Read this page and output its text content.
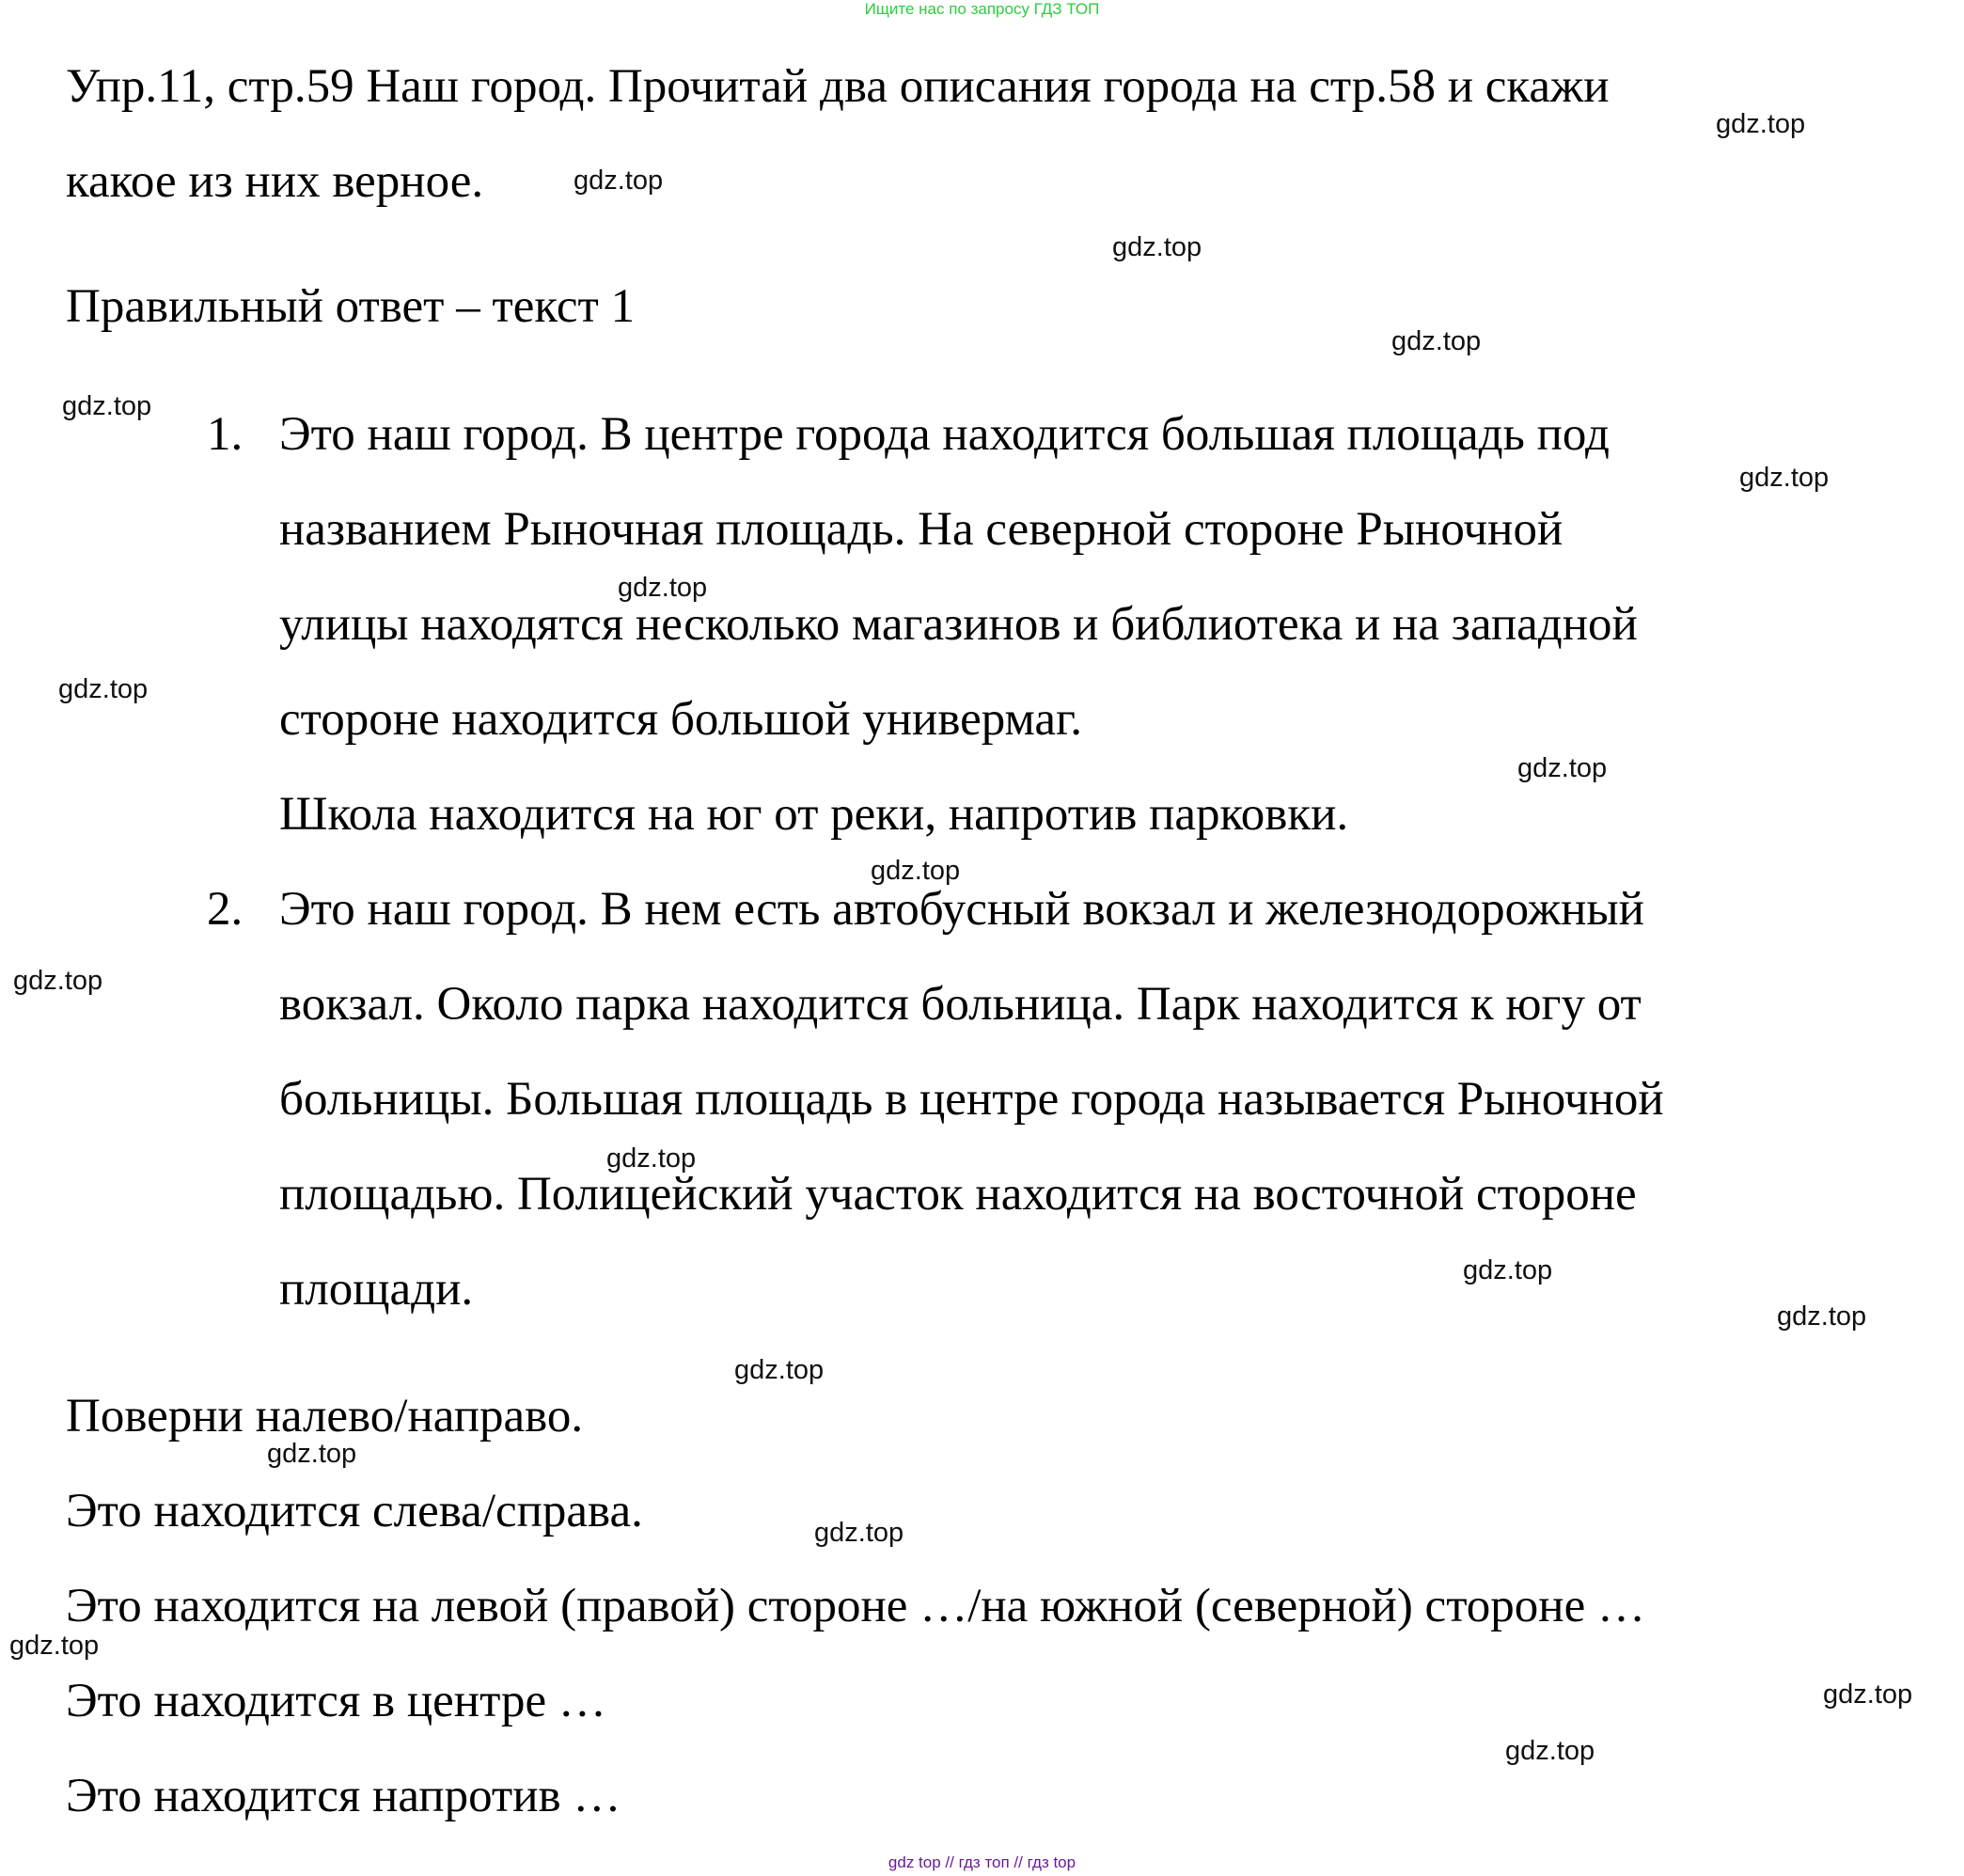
Ищите нас по запросу ГДЗ ТОП
Упр.11, стр.59 Наш город. Прочитай два описания города на стр.58 и скажи
какое из них верное.
Правильный ответ – текст 1
1. Это наш город. В центре города находится большая площадь под
названием Рыночная площадь. На северной стороне Рыночной
улицы находятся несколько магазинов и библиотека и на западной
стороне находится большой универмаг.
Школа находится на юг от реки, напротив парковки.
2. Это наш город. В нем есть автобусный вокзал и железнодорожный
вокзал. Около парка находится больница. Парк находится к югу от
больницы. Большая площадь в центре города называется Рыночной
площадью. Полицейский участок находится на восточной стороне
площади.
Поверни налево/направо.
Это находится слева/справа.
Это находится на левой (правой) стороне …/на южной (северной) стороне …
Это находится в центре …
Это находится напротив …
gdz.top
gdz.top
gdz.top
gdz.top
gdz.top
gdz.top
gdz.top
gdz.top
gdz.top
gdz.top
gdz.top
gdz.top
gdz.top
gdz.top
gdz.top
gdz.top
gdz.top
gdz.top
gdz.top
gdz.top
gdz top // гдз топ // гдз top
